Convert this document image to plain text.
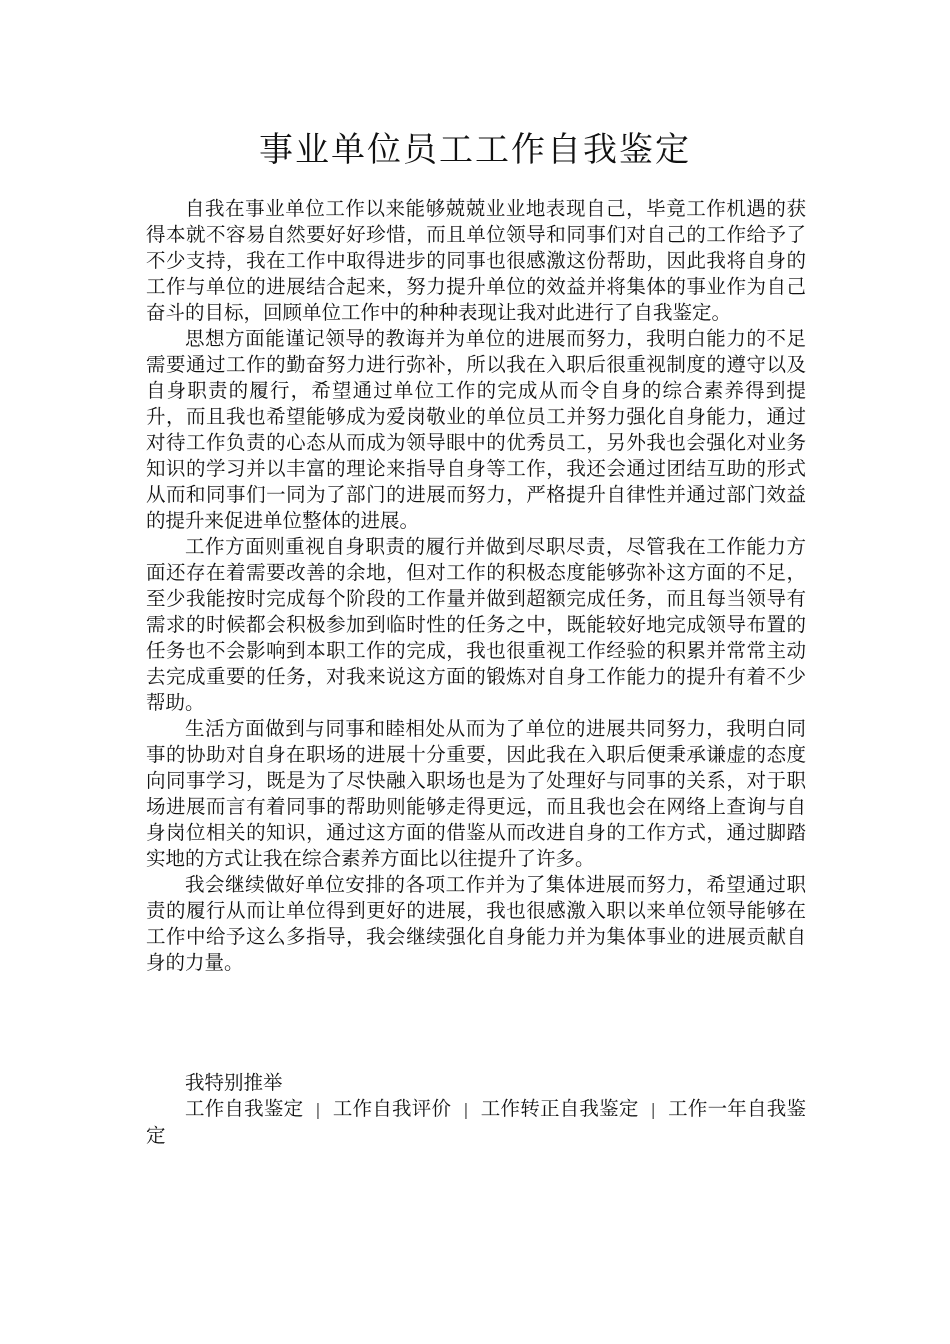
事业单位员工工作自我鉴定

自我在事业单位工作以来能够兢兢业业地表现自己，毕竟工作机遇的获得本就不容易自然要好好珍惜，而且单位领导和同事们对自己的工作给予了不少支持，我在工作中取得进步的同事也很感激这份帮助，因此我将自身的工作与单位的进展结合起来，努力提升单位的效益并将集体的事业作为自己奋斗的目标，回顾单位工作中的种种表现让我对此进行了自我鉴定。

思想方面能谨记领导的教诲并为单位的进展而努力，我明白能力的不足需要通过工作的勤奋努力进行弥补，所以我在入职后很重视制度的遵守以及自身职责的履行，希望通过单位工作的完成从而令自身的综合素养得到提升，而且我也希望能够成为爱岗敬业的单位员工并努力强化自身能力，通过对待工作负责的心态从而成为领导眼中的优秀员工，另外我也会强化对业务知识的学习并以丰富的理论来指导自身等工作，我还会通过团结互助的形式从而和同事们一同为了部门的进展而努力，严格提升自律性并通过部门效益的提升来促进单位整体的进展。

工作方面则重视自身职责的履行并做到尽职尽责，尽管我在工作能力方面还存在着需要改善的余地，但对工作的积极态度能够弥补这方面的不足，至少我能按时完成每个阶段的工作量并做到超额完成任务，而且每当领导有需求的时候都会积极参加到临时性的任务之中，既能较好地完成领导布置的任务也不会影响到本职工作的完成，我也很重视工作经验的积累并常常主动去完成重要的任务，对我来说这方面的锻炼对自身工作能力的提升有着不少帮助。

生活方面做到与同事和睦相处从而为了单位的进展共同努力，我明白同事的协助对自身在职场的进展十分重要，因此我在入职后便秉承谦虚的态度向同事学习，既是为了尽快融入职场也是为了处理好与同事的关系，对于职场进展而言有着同事的帮助则能够走得更远，而且我也会在网络上查询与自身岗位相关的知识，通过这方面的借鉴从而改进自身的工作方式，通过脚踏实地的方式让我在综合素养方面比以往提升了许多。

我会继续做好单位安排的各项工作并为了集体进展而努力，希望通过职责的履行从而让单位得到更好的进展，我也很感激入职以来单位领导能够在工作中给予这么多指导，我会继续强化自身能力并为集体事业的进展贡献自身的力量。

我特别推举

工作自我鉴定 | 工作自我评价 | 工作转正自我鉴定 | 工作一年自我鉴定
